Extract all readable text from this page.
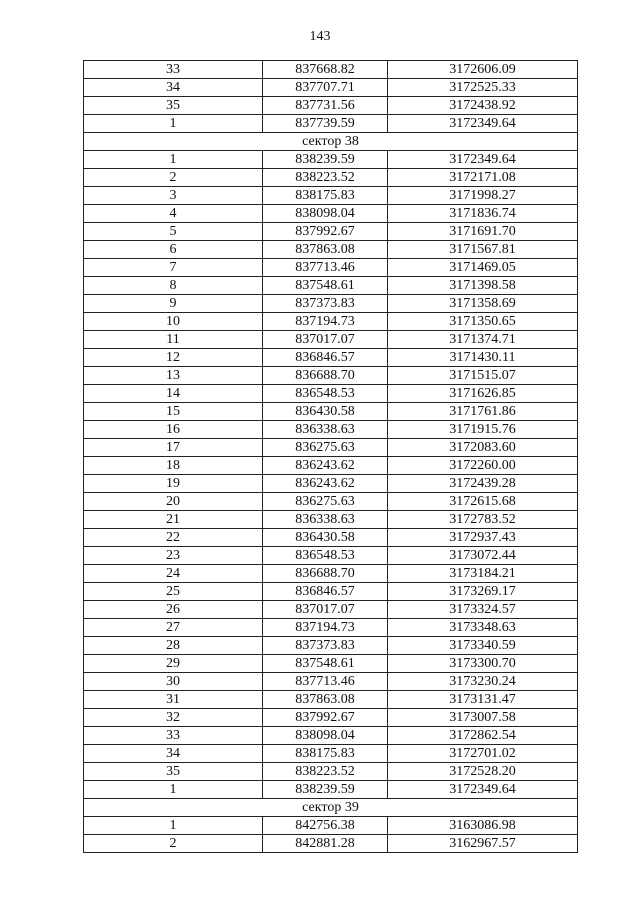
143
33	837668.82	3172606.09
34	837707.71	3172525.33
35	837731.56	3172438.92
1	837739.59	3172349.64
сектор 38		
1	838239.59	3172349.64
2	838223.52	3172171.08
3	838175.83	3171998.27
4	838098.04	3171836.74
5	837992.67	3171691.70
6	837863.08	3171567.81
7	837713.46	3171469.05
8	837548.61	3171398.58
9	837373.83	3171358.69
10	837194.73	3171350.65
11	837017.07	3171374.71
12	836846.57	3171430.11
13	836688.70	3171515.07
14	836548.53	3171626.85
15	836430.58	3171761.86
16	836338.63	3171915.76
17	836275.63	3172083.60
18	836243.62	3172260.00
19	836243.62	3172439.28
20	836275.63	3172615.68
21	836338.63	3172783.52
22	836430.58	3172937.43
23	836548.53	3173072.44
24	836688.70	3173184.21
25	836846.57	3173269.17
26	837017.07	3173324.57
27	837194.73	3173348.63
28	837373.83	3173340.59
29	837548.61	3173300.70
30	837713.46	3173230.24
31	837863.08	3173131.47
32	837992.67	3173007.58
33	838098.04	3172862.54
34	838175.83	3172701.02
35	838223.52	3172528.20
1	838239.59	3172349.64
сектор 39		
1	842756.38	3163086.98
2	842881.28	3162967.57
